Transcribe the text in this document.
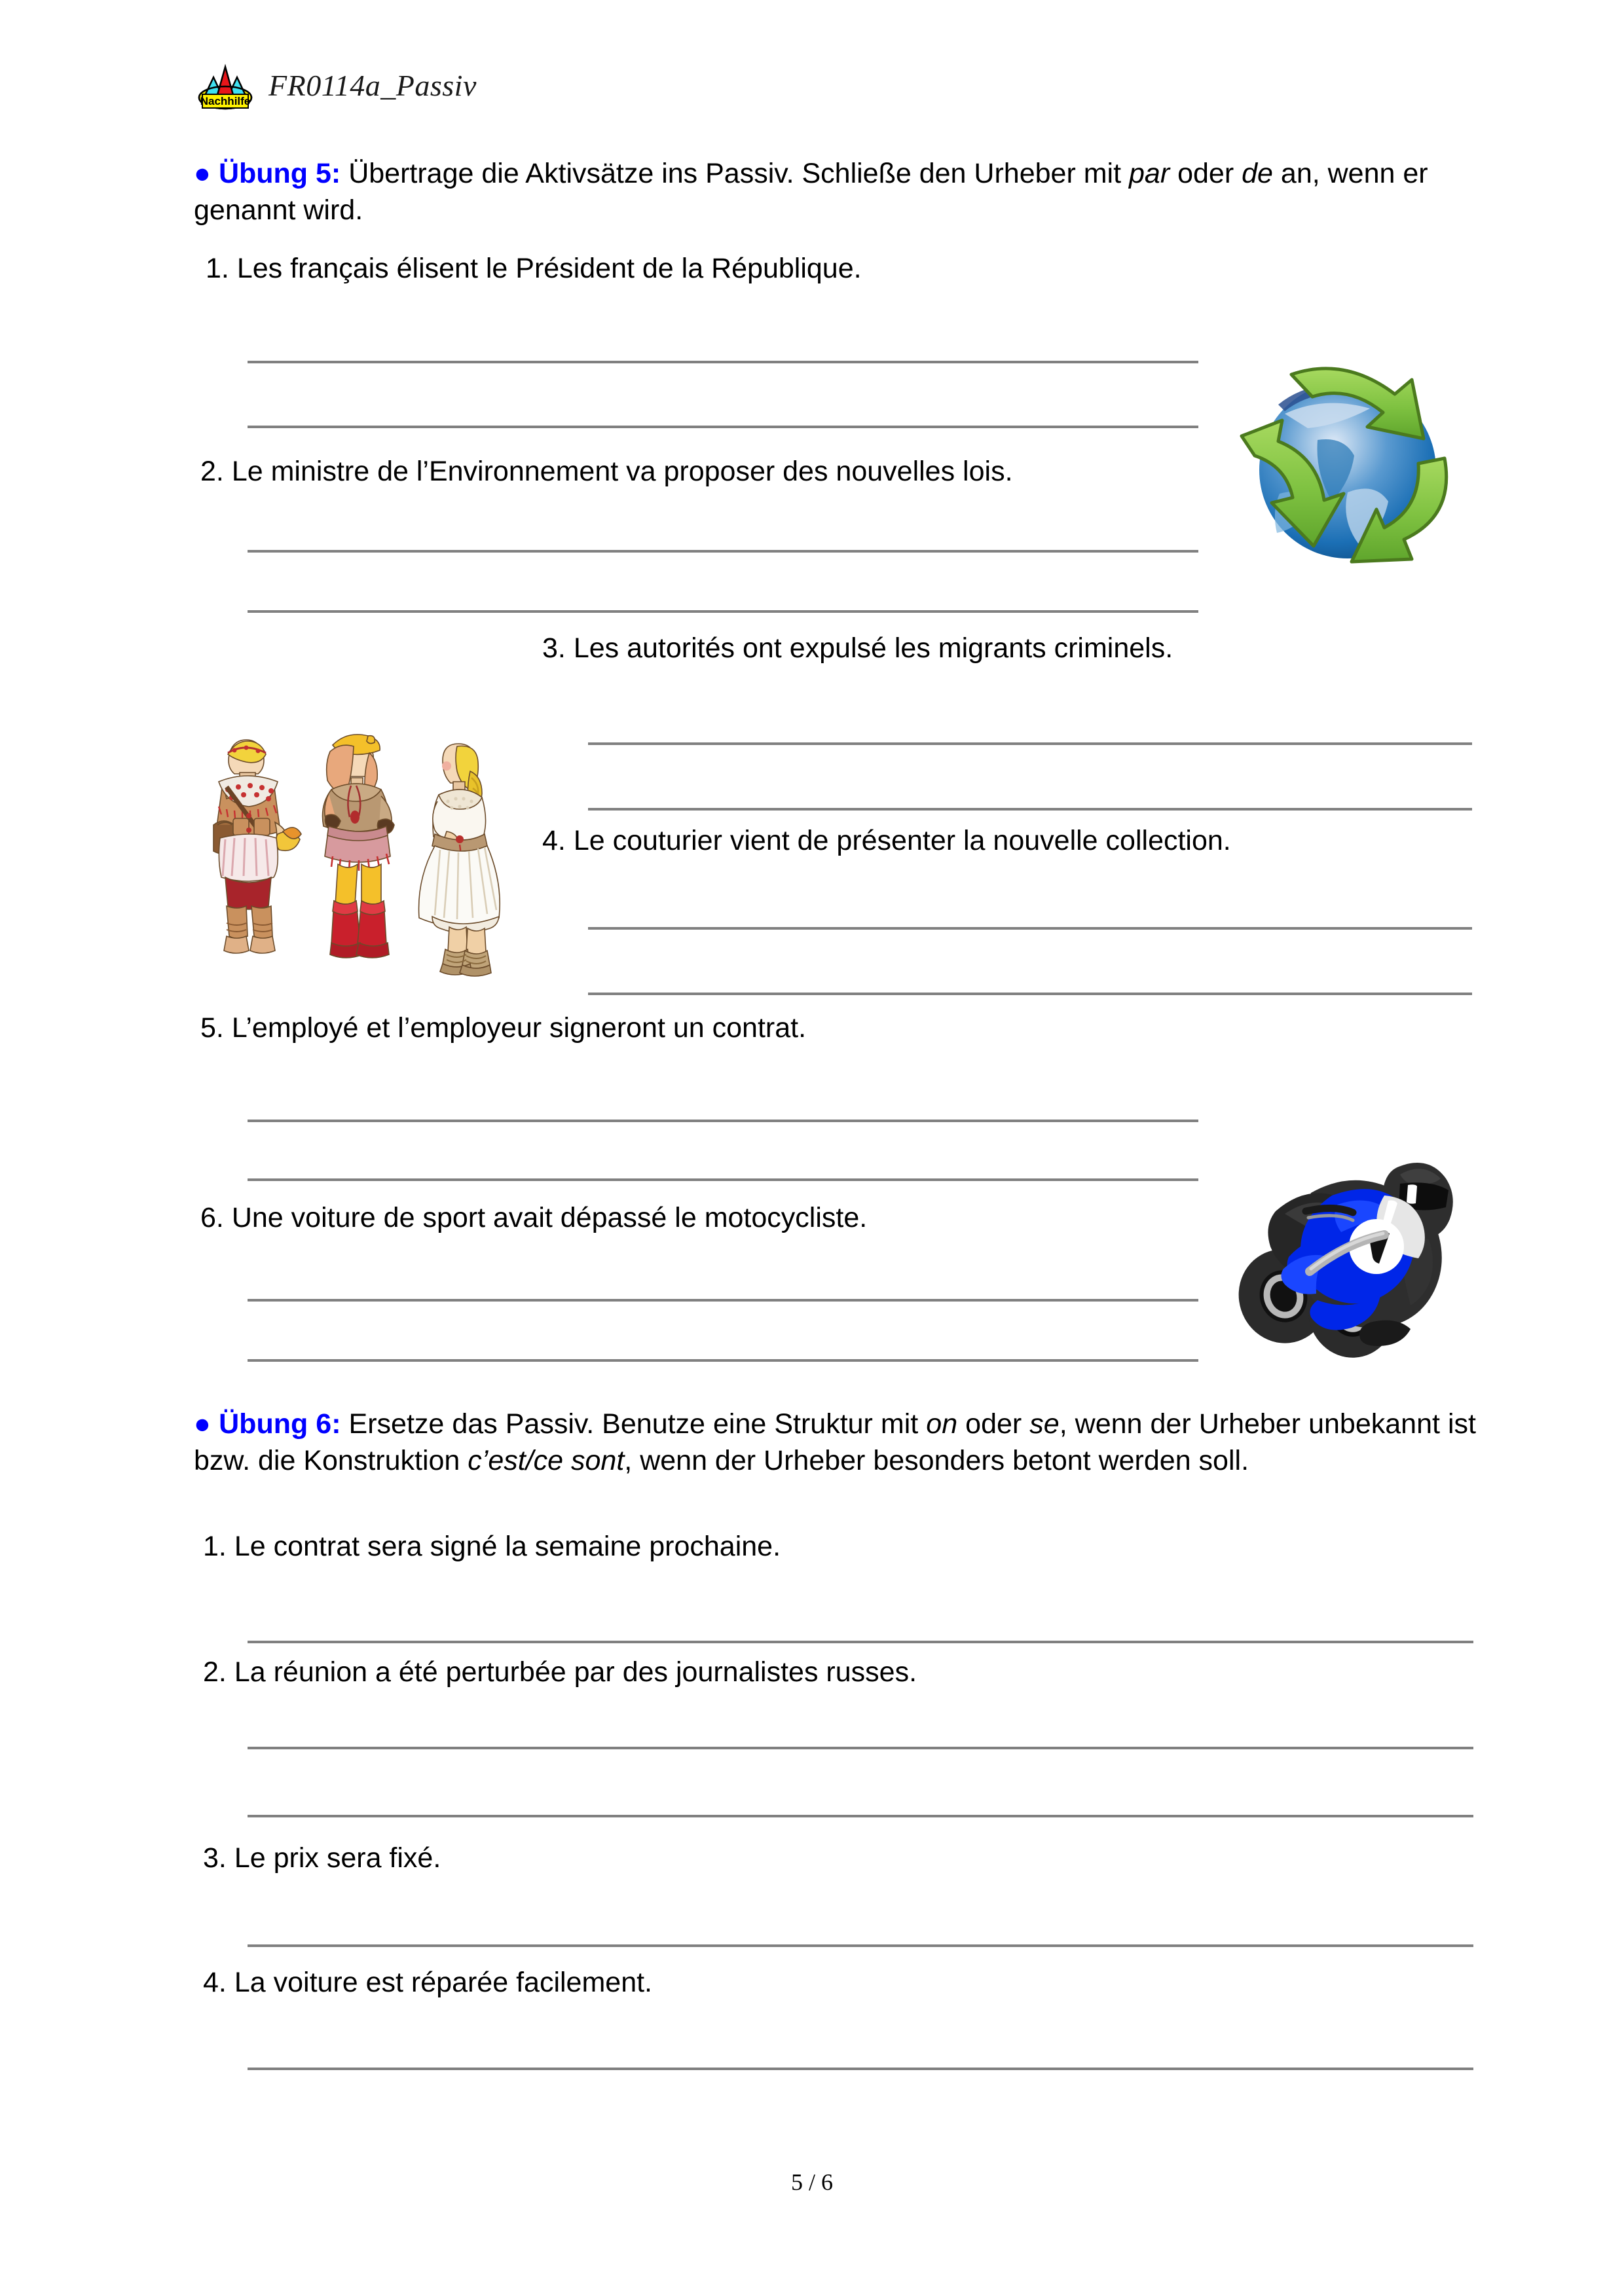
Nachhilfe FR0114a_Passiv
● Übung 5: Übertrage die Aktivsätze ins Passiv. Schließe den Urheber mit par oder de an, wenn er genannt wird.
1. Les français élisent le Président de la République.
2. Le ministre de l’Environnement va proposer des nouvelles lois.
3. Les autorités ont expulsé les migrants criminels.
4. Le couturier vient de présenter la nouvelle collection.
5. L’employé et l’employeur signeront un contrat.
6. Une voiture de sport avait dépassé le motocycliste.
● Übung 6: Ersetze das Passiv. Benutze eine Struktur mit on oder se, wenn der Urheber unbekannt ist bzw. die Konstruktion c’est/ce sont, wenn der Urheber besonders betont werden soll.
1. Le contrat sera signé la semaine prochaine.
2. La réunion a été perturbée par des journalistes russes.
3. Le prix sera fixé.
4. La voiture est réparée facilement.
5 / 6
